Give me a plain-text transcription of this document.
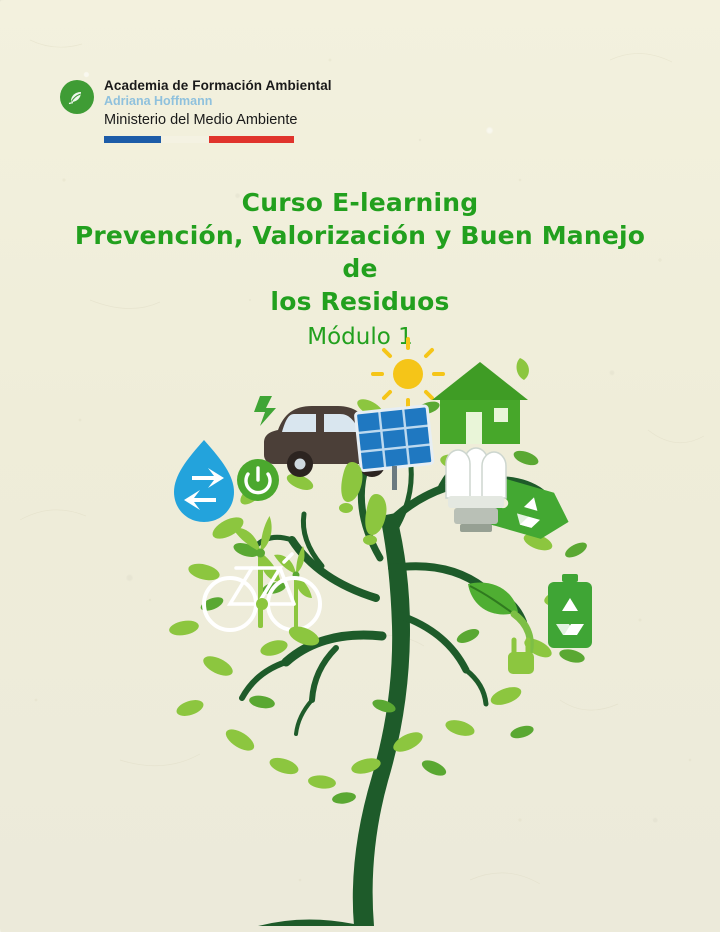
Academia de Formación Ambiental
Adriana Hoffmann
Ministerio del Medio Ambiente
Curso E-learning
Prevención, Valorización y Buen Manejo de
los Residuos
Módulo 1
